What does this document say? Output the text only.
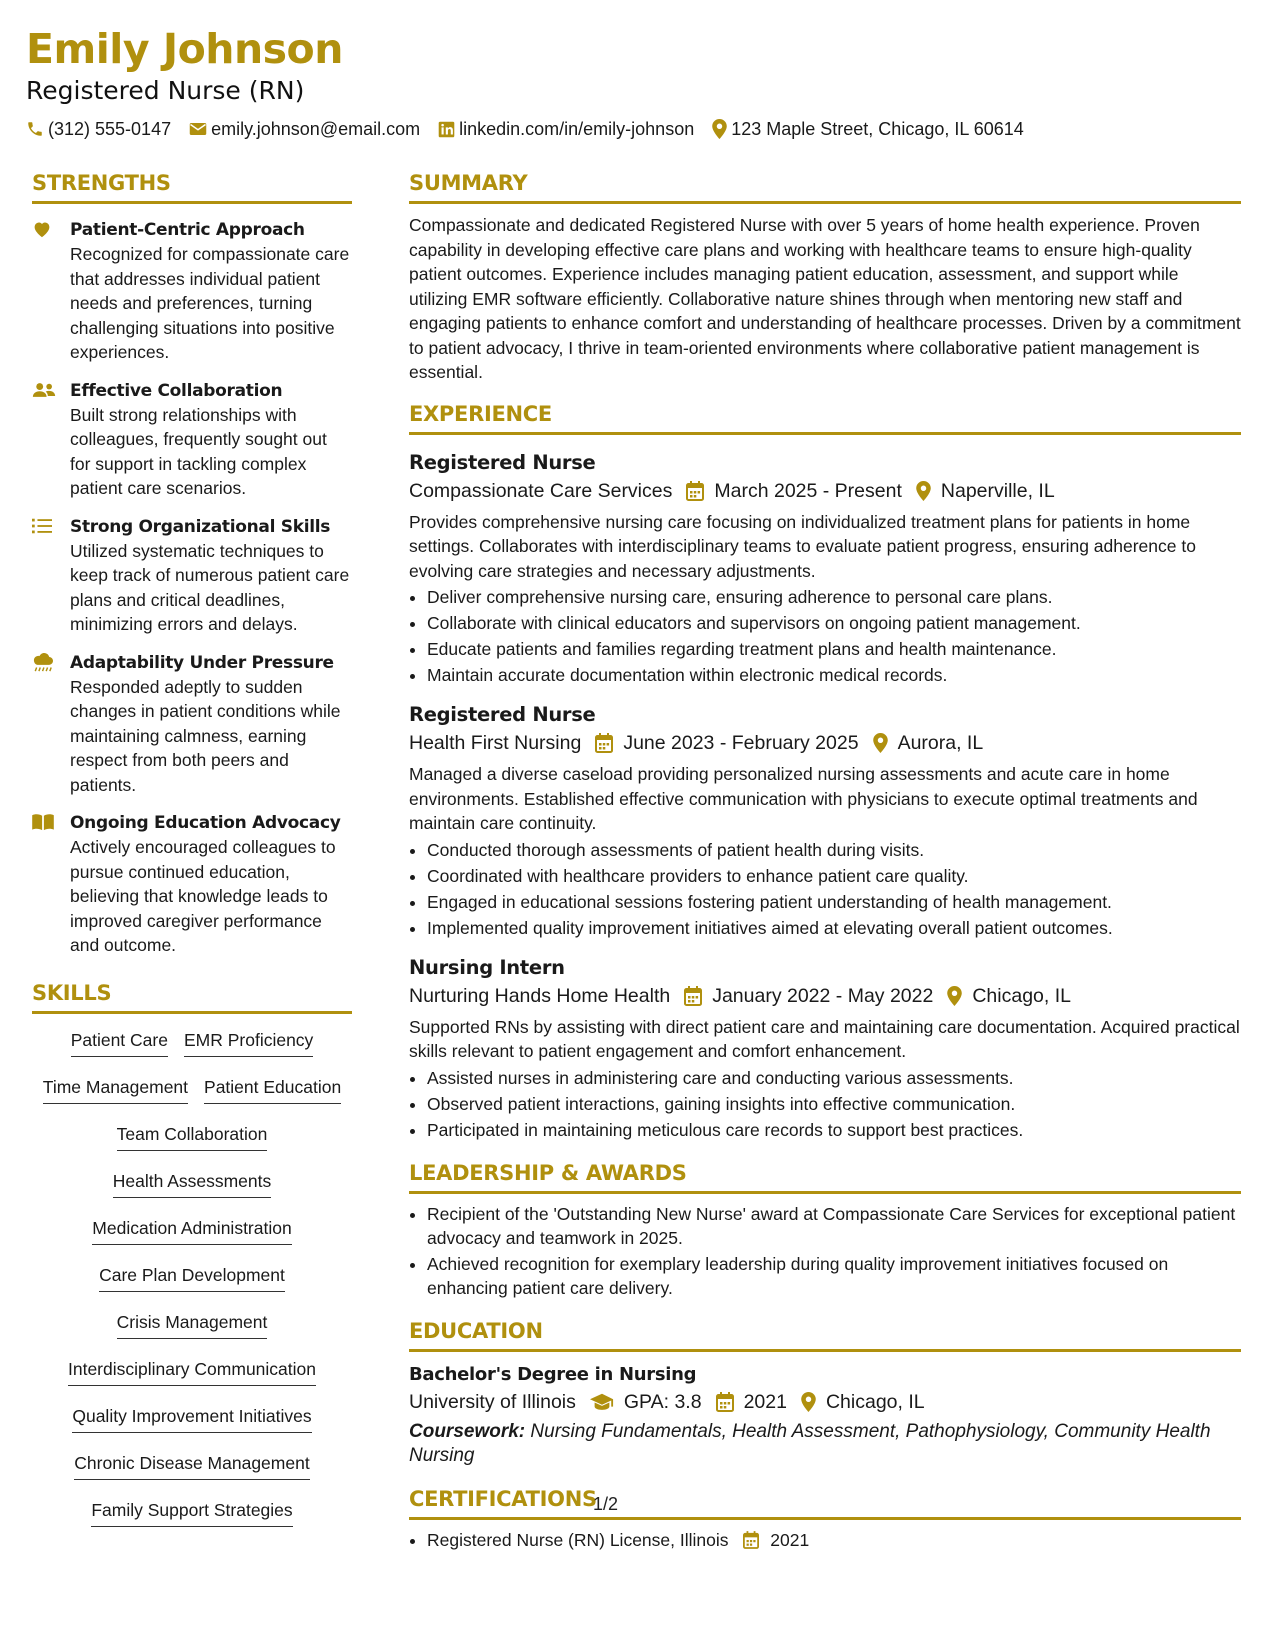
Emily Johnson
Registered Nurse (RN)
(312) 555-0147 emily.johnson@email.com linkedin.com/in/emily-johnson 123 Maple Street, Chicago, IL 60614
STRENGTHS
Patient-Centric Approach
Recognized for compassionate care that addresses individual patient needs and preferences, turning challenging situations into positive experiences.
Effective Collaboration
Built strong relationships with colleagues, frequently sought out for support in tackling complex patient care scenarios.
Strong Organizational Skills
Utilized systematic techniques to keep track of numerous patient care plans and critical deadlines, minimizing errors and delays.
Adaptability Under Pressure
Responded adeptly to sudden changes in patient conditions while maintaining calmness, earning respect from both peers and patients.
Ongoing Education Advocacy
Actively encouraged colleagues to pursue continued education, believing that knowledge leads to improved caregiver performance and outcome.
SKILLS
Patient Care EMR Proficiency
Time Management Patient Education
Team Collaboration
Health Assessments
Medication Administration
Care Plan Development
Crisis Management
Interdisciplinary Communication
Quality Improvement Initiatives
Chronic Disease Management
Family Support Strategies
SUMMARY
Compassionate and dedicated Registered Nurse with over 5 years of home health experience. Proven capability in developing effective care plans and working with healthcare teams to ensure high-quality patient outcomes. Experience includes managing patient education, assessment, and support while utilizing EMR software efficiently. Collaborative nature shines through when mentoring new staff and engaging patients to enhance comfort and understanding of healthcare processes. Driven by a commitment to patient advocacy, I thrive in team-oriented environments where collaborative patient management is essential.
EXPERIENCE
Registered Nurse
Compassionate Care Services March 2025 - Present Naperville, IL
Provides comprehensive nursing care focusing on individualized treatment plans for patients in home settings. Collaborates with interdisciplinary teams to evaluate patient progress, ensuring adherence to evolving care strategies and necessary adjustments.
• Deliver comprehensive nursing care, ensuring adherence to personal care plans.
• Collaborate with clinical educators and supervisors on ongoing patient management.
• Educate patients and families regarding treatment plans and health maintenance.
• Maintain accurate documentation within electronic medical records.
Registered Nurse
Health First Nursing June 2023 - February 2025 Aurora, IL
Managed a diverse caseload providing personalized nursing assessments and acute care in home environments. Established effective communication with physicians to execute optimal treatments and maintain care continuity.
• Conducted thorough assessments of patient health during visits.
• Coordinated with healthcare providers to enhance patient care quality.
• Engaged in educational sessions fostering patient understanding of health management.
• Implemented quality improvement initiatives aimed at elevating overall patient outcomes.
Nursing Intern
Nurturing Hands Home Health January 2022 - May 2022 Chicago, IL
Supported RNs by assisting with direct patient care and maintaining care documentation. Acquired practical skills relevant to patient engagement and comfort enhancement.
• Assisted nurses in administering care and conducting various assessments.
• Observed patient interactions, gaining insights into effective communication.
• Participated in maintaining meticulous care records to support best practices.
LEADERSHIP & AWARDS
• Recipient of the 'Outstanding New Nurse' award at Compassionate Care Services for exceptional patient advocacy and teamwork in 2025.
• Achieved recognition for exemplary leadership during quality improvement initiatives focused on enhancing patient care delivery.
EDUCATION
Bachelor's Degree in Nursing
University of Illinois GPA: 3.8 2021 Chicago, IL
Coursework: Nursing Fundamentals, Health Assessment, Pathophysiology, Community Health Nursing
CERTIFICATIONS
• Registered Nurse (RN) License, Illinois 2021
1/2
